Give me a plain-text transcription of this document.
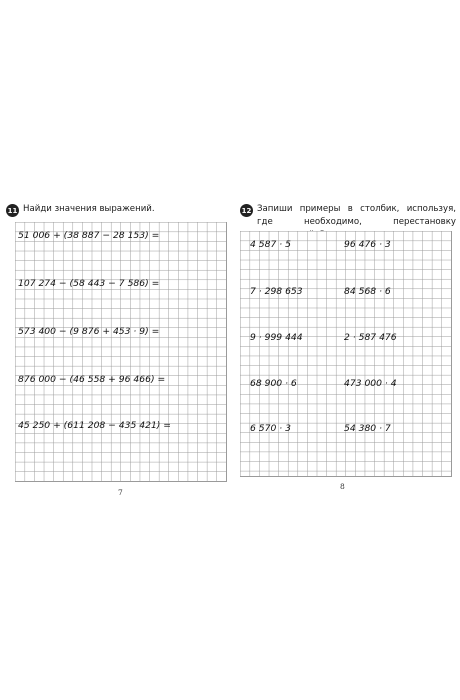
11 Найди значения выражений.
51 006 + (38 887 − 28 153) =
107 274 − (58 443 − 7 586) =
573 400 − (9 876 + 453 · 9) =
876 000 − (46 558 + 96 466) =
45 250 + (611 208 − 435 421) =
7
12 Запиши примеры в столбик, используя, где необходимо, перестановку
4 587 · 5
7 · 298 653
9 · 999 444
68 900 · 6
6 570 · 3
96 476 · 3
84 568 · 6
2 · 587 476
473 000 · 4
54 380 · 7
8
